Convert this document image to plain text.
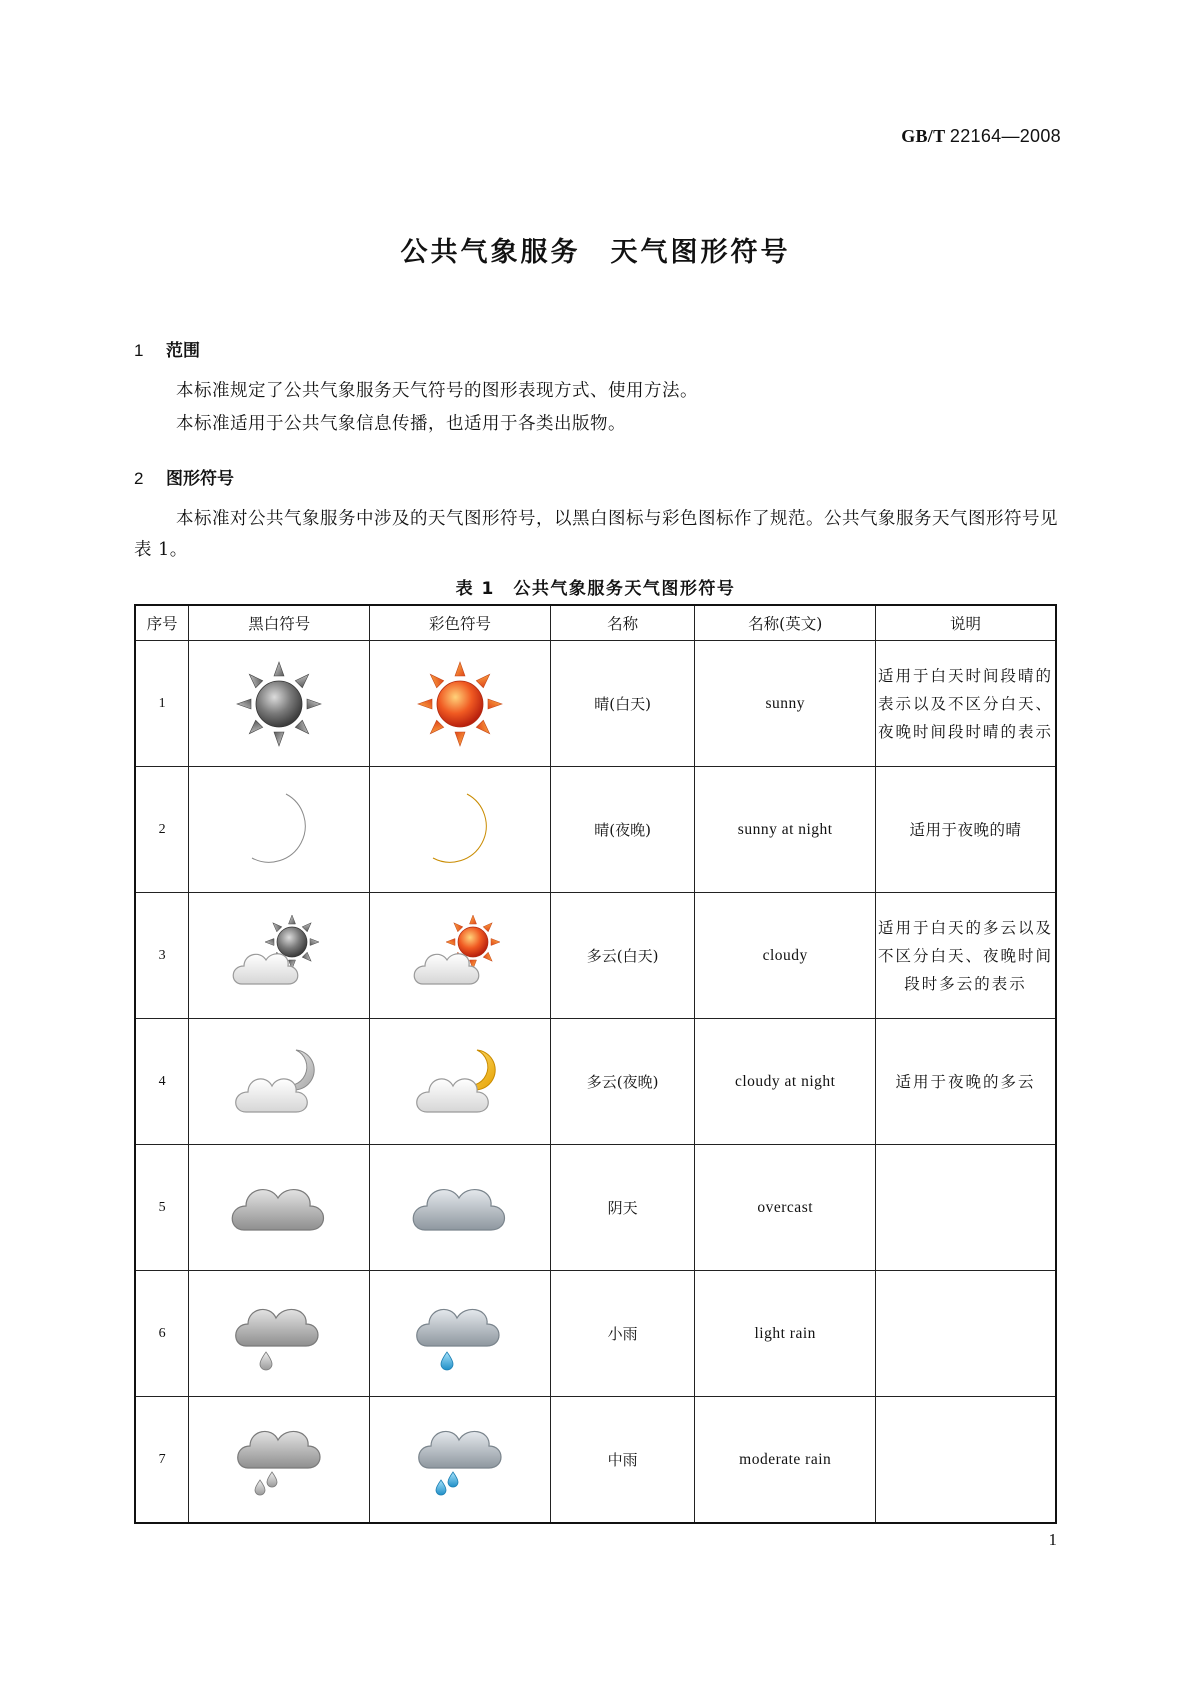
GB/T 22164—2008
公共气象服务 天气图形符号
1 范围
本标准规定了公共气象服务天气符号的图形表现方式、使用方法。
本标准适用于公共气象信息传播，也适用于各类出版物。
2 图形符号
本标准对公共气象服务中涉及的天气图形符号，以黑白图标与彩色图标作了规范。公共气象服务天气图形符号见表 1。
表 1　公共气象服务天气图形符号
序号	黑白符号	彩色符号	名称	名称(英文)	说明
1			晴(白天)	sunny	适用于白天时间段晴的表示以及不区分白天、夜晚时间段时晴的表示
2			晴(夜晚)	sunny at night	适用于夜晚的晴
3			多云(白天)	cloudy	适用于白天的多云以及不区分白天、夜晚时间段时多云的表示
4			多云(夜晚)	cloudy at night	适用于夜晚的多云
5			阴天	overcast	
6			小雨	light rain	
7			中雨	moderate rain	
1
